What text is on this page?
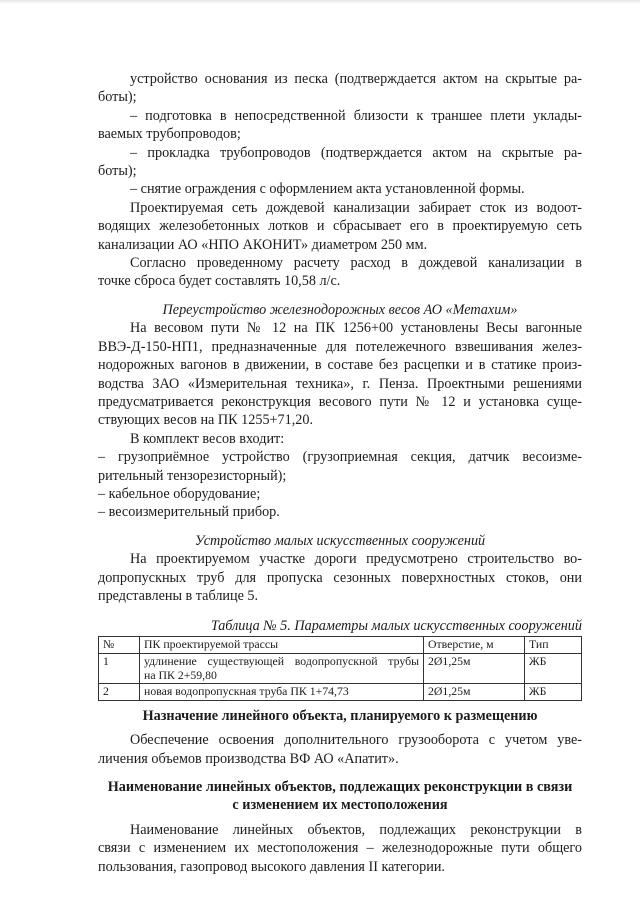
устройство основания из песка (подтверждается актом на скрытые ра-
боты);

– подготовка в непосредственной близости к траншее плети уклады-
ваемых трубопроводов;

– прокладка трубопроводов (подтверждается актом на скрытые ра-
боты);

– снятие ограждения с оформлением акта установленной формы.

Проектируемая сеть дождевой канализации забирает сток из водоот-
водящих железобетонных лотков и сбрасывает его в проектируемую сеть
канализации АО «НПО АКОНИТ» диаметром 250 мм.

Согласно проведенному расчету расход в дождевой канализации в
точке сброса будет составлять 10,58 л/с.

Переустройство железнодорожных весов АО «Метахим»

На весовом пути № 12 на ПК 1256+00 установлены Весы вагонные
ВВЭ-Д-150-НП1, предназначенные для потележечного взвешивания желез-
нодорожных вагонов в движении, в составе без расцепки и в статике произ-
водства ЗАО «Измерительная техника», г. Пенза. Проектными решениями
предусматривается реконструкция весового пути № 12 и установка суще-
ствующих весов на ПК 1255+71,20.

В комплект весов входит:

– грузоприёмное устройство (грузоприемная секция, датчик весоизме-
рительный тензорезисторный);

– кабельное оборудование;

– весоизмерительный прибор.

Устройство малых искусственных сооружений

На проектируемом участке дороги предусмотрено строительство во-
допропускных труб для пропуска сезонных поверхностных стоков, они
представлены в таблице 5.

Таблица № 5. Параметры малых искусственных сооружений

№	ПК проектируемой трассы	Отверстие, м	Тип
1	удлинение существующей водопропускной трубы
на ПК 2+59,80	2Ø1,25м	ЖБ
2	новая водопропускная труба ПК 1+74,73	2Ø1,25м	ЖБ

Назначение линейного объекта, планируемого к размещению

Обеспечение освоения дополнительного грузооборота с учетом уве-
личения объемов производства ВФ АО «Апатит».

Наименование линейных объектов, подлежащих реконструкции в связи
с изменением их местоположения

Наименование линейных объектов, подлежащих реконструкции в
связи с изменением их местоположения – железнодорожные пути общего
пользования, газопровод высокого давления II категории.
